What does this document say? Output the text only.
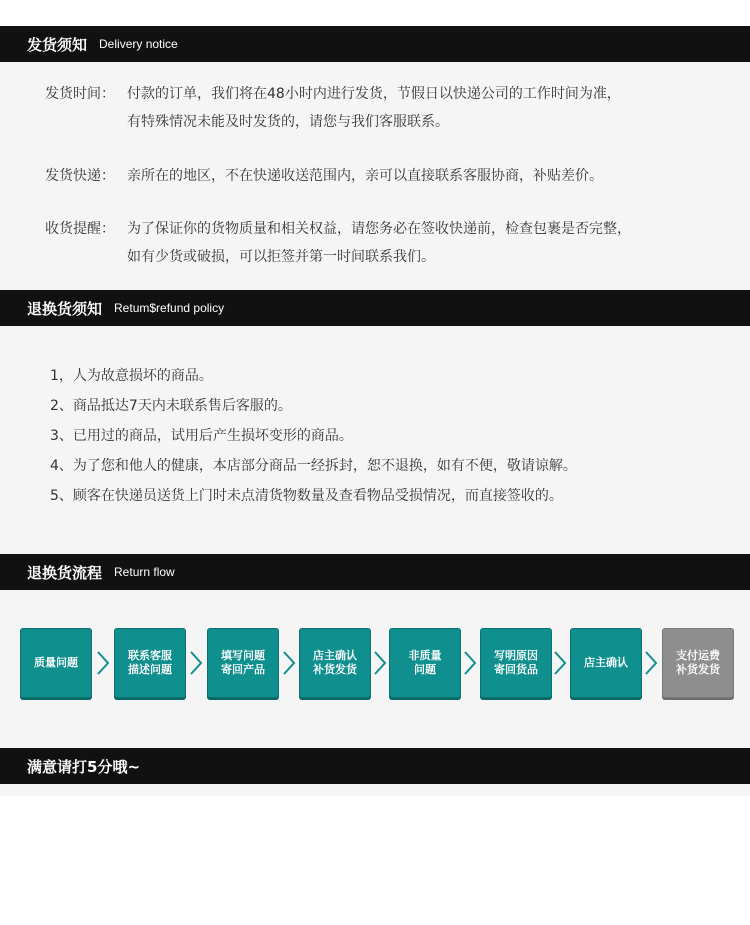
发货须知 Delivery notice
发货时间： 付款的订单，我们将在48小时内进行发货，节假日以快递公司的工作时间为准，
有特殊情况未能及时发货的，请您与我们客服联系。
发货快递： 亲所在的地区，不在快递收送范围内，亲可以直接联系客服协商，补贴差价。
收货提醒： 为了保证你的货物质量和相关权益，请您务必在签收快递前，检查包裹是否完整，
如有少货或破损，可以拒签并第一时间联系我们。
退换货须知 Retum$refund policy
1，人为故意损坏的商品。
2、商品抵达7天内未联系售后客服的。
3、已用过的商品，试用后产生损坏变形的商品。
4、为了您和他人的健康，本店部分商品一经拆封，恕不退换，如有不便，敬请谅解。
5、顾客在快递员送货上门时未点清货物数量及查看物品受损情况，而直接签收的。
退换货流程 Return flow
质量问题
联系客服
描述问题
填写问题
寄回产品
店主确认
补货发货
非质量
问题
写明原因
寄回货品
店主确认
支付运费
补货发货
满意请打5分哦~
